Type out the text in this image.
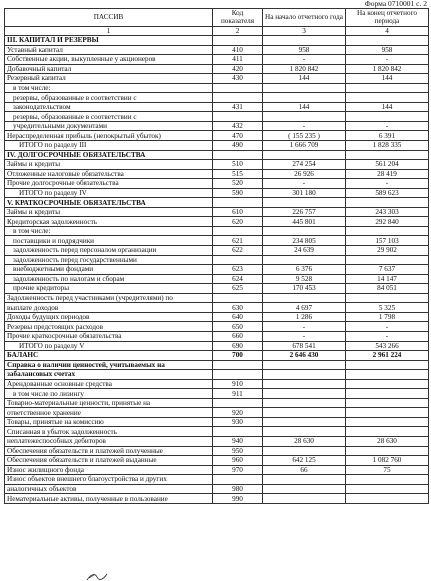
Форма 0710001 с. 2
ПАССИВ	Код показателя	На начало отчетного года	На конец отчетного периода
1	2	3	4
III. КАПИТАЛ И РЕЗЕРВЫ			
Уставный капитал	410	958	958
Собственные акции, выкупленные у акционеров	411	-	-
Добавочный капитал	420	1 820 842	1 820 842
Резервный капитал	430	144	144
в том числе:			
резервы, образованные в соответствии с			
законодательством	431	144	144
резервы, образованные в соответствии с			
учредительными документами	432	-	-
Нераспределенная прибыль (непокрытый убыток)	470	( 155 235 )	6 391
ИТОГО по разделу III	490	1 666 709	1 828 335
IV. ДОЛГОСРОЧНЫЕ ОБЯЗАТЕЛЬСТВА			
Займы и кредиты	510	274 254	561 204
Отложенные налоговые обязательства	515	26 926	28 419
Прочие долгосрочные обязательства	520	-	-
ИТОГО по разделу IV	590	301 180	589 623
V. КРАТКОСРОЧНЫЕ ОБЯЗАТЕЛЬСТВА			
Займы и кредиты	610	226 757	243 303
Кредиторская задолженность	620	445 801	292 840
в том числе:			
поставщики и подрядчики	621	234 805	157 103
задолженность перед персоналом организации	622	24 639	29 902
задолженность перед государственными			
внебюджетными фондами	623	6 376	7 637
задолженность по налогам и сборам	624	9 528	14 147
прочие кредиторы	625	170 453	84 051
Задолженность перед участниками (учредителями) по			
выплате доходов	630	4 697	5 325
Доходы будущих периодов	640	1 286	1 798
Резервы предстоящих расходов	650	-	-
Прочие краткосрочные обязательства	660	-	-
ИТОГО по разделу V	690	678 541	543 266
БАЛАНС	700	2 646 430	2 961 224
Справка о наличии ценностей, учитываемых на			
забалансовых счетах			
Арендованные основные средства	910		
в том числе по лизингу	911		
Товарно-материальные ценности, принятые на			
ответственное хранение	920		
Товары, принятые на комиссию	930		
Списанная в убыток задолженность			
неплатежеспособных дебиторов	940	28 630	28 630
Обеспечения обязательств и платежей полученные	950		
Обеспечения обязательств и платежей выданные	960	642 125	1 082 760
Износ жилищного фонда	970	66	75
Износ объектов внешнего благоустройства и других			
аналогичных объектов	980		
Нематериальные активы, полученные в пользование	990		
